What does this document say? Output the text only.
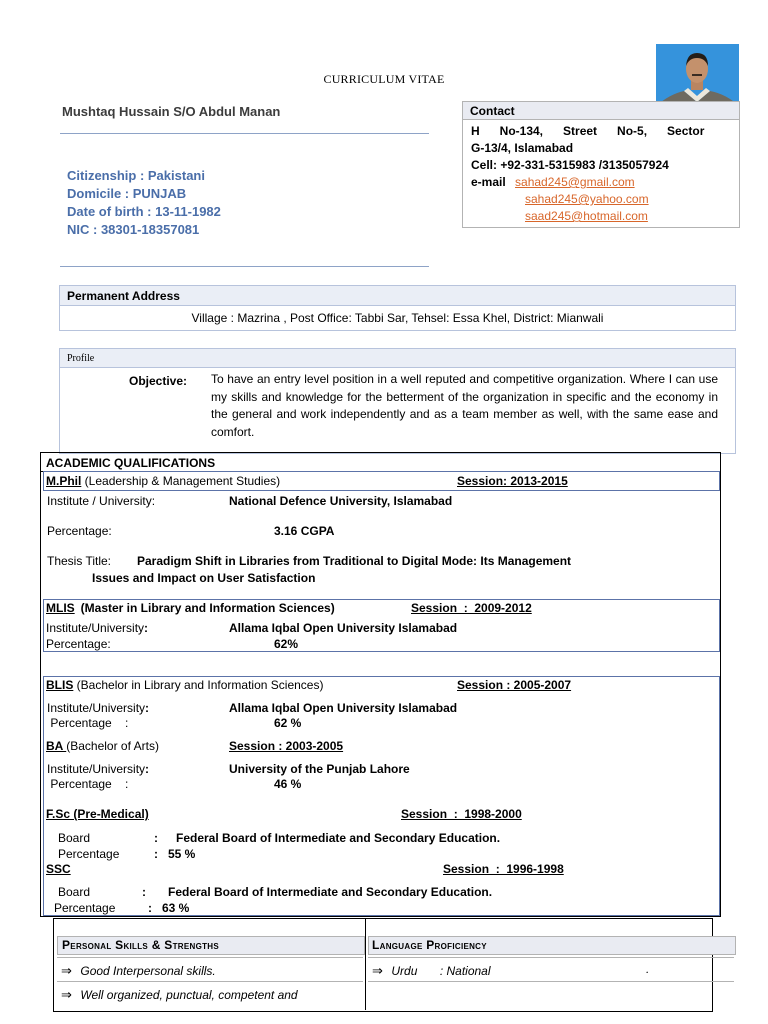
CURRICULUM VITAE
Mushtaq Hussain S/O Abdul Manan
Citizenship : Pakistani
Domicile : PUNJAB
Date of birth : 13-11-1982
NIC : 38301-18357081
Contact
H      No-134,      Street      No-5,      Sector
G-13/4, Islamabad
Cell: +92-331-5315983 /3135057924
e-mail sahad245@gmail.com
sahad245@yahoo.com
saad245@hotmail.com
Permanent Address
Village : Mazrina , Post Office: Tabbi Sar, Tehsel: Essa Khel, District: Mianwali
Profile
Objective: To have an entry level position in a well reputed and competitive organization. Where I can use my skills and knowledge for the betterment of the organization in specific and the economy in the general and work independently and as a team member as well, with the same ease and comfort.
ACADEMIC QUALIFICATIONS
M.Phil (Leadership & Management Studies)	Session: 2013-2015
Institute / University:	National Defence University, Islamabad
Percentage:	3.16 CGPA
Thesis Title: Paradigm Shift in Libraries from Traditional to Digital Mode: Its Management
Issues and Impact on User Satisfaction
MLIS (Master in Library and Information Sciences)	Session  :  2009-2012
Institute/University:	Allama Iqbal Open University Islamabad
Percentage:	62%
BLIS (Bachelor in Library and Information Sciences)	Session : 2005-2007
Institute/University:	Allama Iqbal Open University Islamabad
Percentage    :	62 %
BA (Bachelor of Arts)	Session : 2003-2005
Institute/University:	University of the Punjab Lahore
Percentage    :	46 %
F.Sc (Pre-Medical)	Session  :  1998-2000
Board	: Federal Board of Intermediate and Secondary Education.
Percentage	:   55 %
SSC	Session  :  1996-1998
Board	: Federal Board of Intermediate and Secondary Education.
Percentage	:   63 %
Personal Skills & Strengths	Language Proficiency
⇒ Good Interpersonal skills.
⇒ Well organized, punctual, competent and
⇒ Urdu : National	.
